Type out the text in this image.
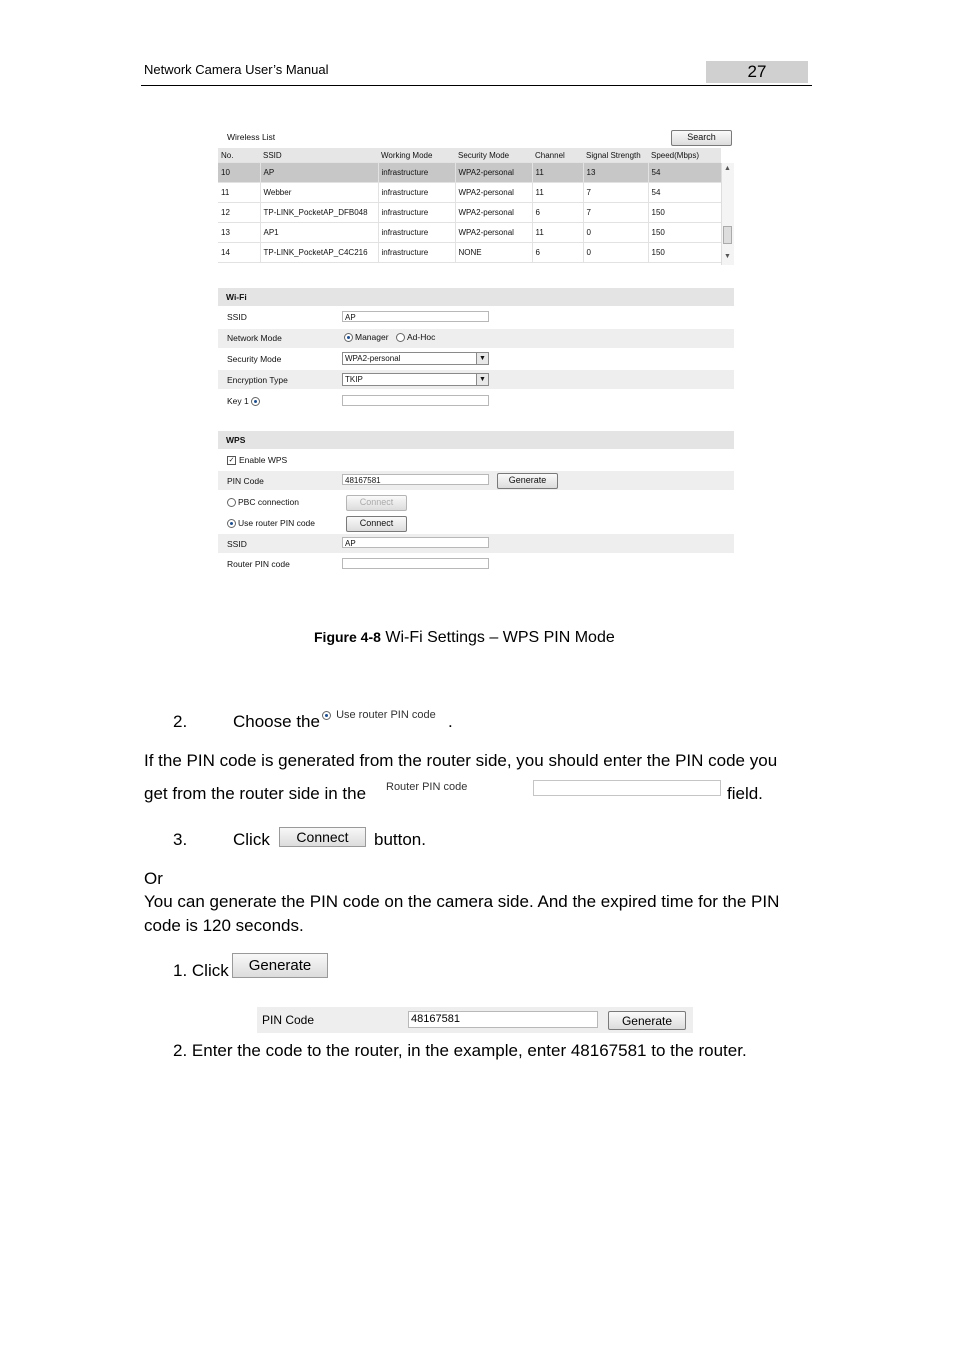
Network Camera User’s Manual	27
Wireless List	Search
No.	SSID	Working Mode	Security Mode	Channel	Signal Strength	Speed(Mbps)
10	AP	infrastructure	WPA2-personal	11	13	54
11	Webber	infrastructure	WPA2-personal	11	7	54
12	TP-LINK_PocketAP_DFB048	infrastructure	WPA2-personal	6	7	150
13	AP1	infrastructure	WPA2-personal	11	0	150
14	TP-LINK_PocketAP_C4C216	infrastructure	NONE	6	0	150
▲
▼
Wi-Fi
SSID	AP
Network Mode	Manager	Ad-Hoc
Security Mode	WPA2-personal	▼
Encryption Type	TKIP	▼
Key 1
WPS
✓ Enable WPS
PIN Code	48167581	Generate
PBC connection	Connect
Use router PIN code	Connect
SSID	AP
Router PIN code
Figure 4-8 Wi-Fi Settings – WPS PIN Mode
2.	Choose the	Use router PIN code .
If the PIN code is generated from the router side, you should enter the PIN code you
get from the router side in the Router PIN code	field.
3.	Click	Connect	button.
Or
You can generate the PIN code on the camera side. And the expired time for the PIN
code is 120 seconds.
1. Click	Generate
PIN Code	48167581	Generate
2. Enter the code to the router, in the example, enter 48167581 to the router.
